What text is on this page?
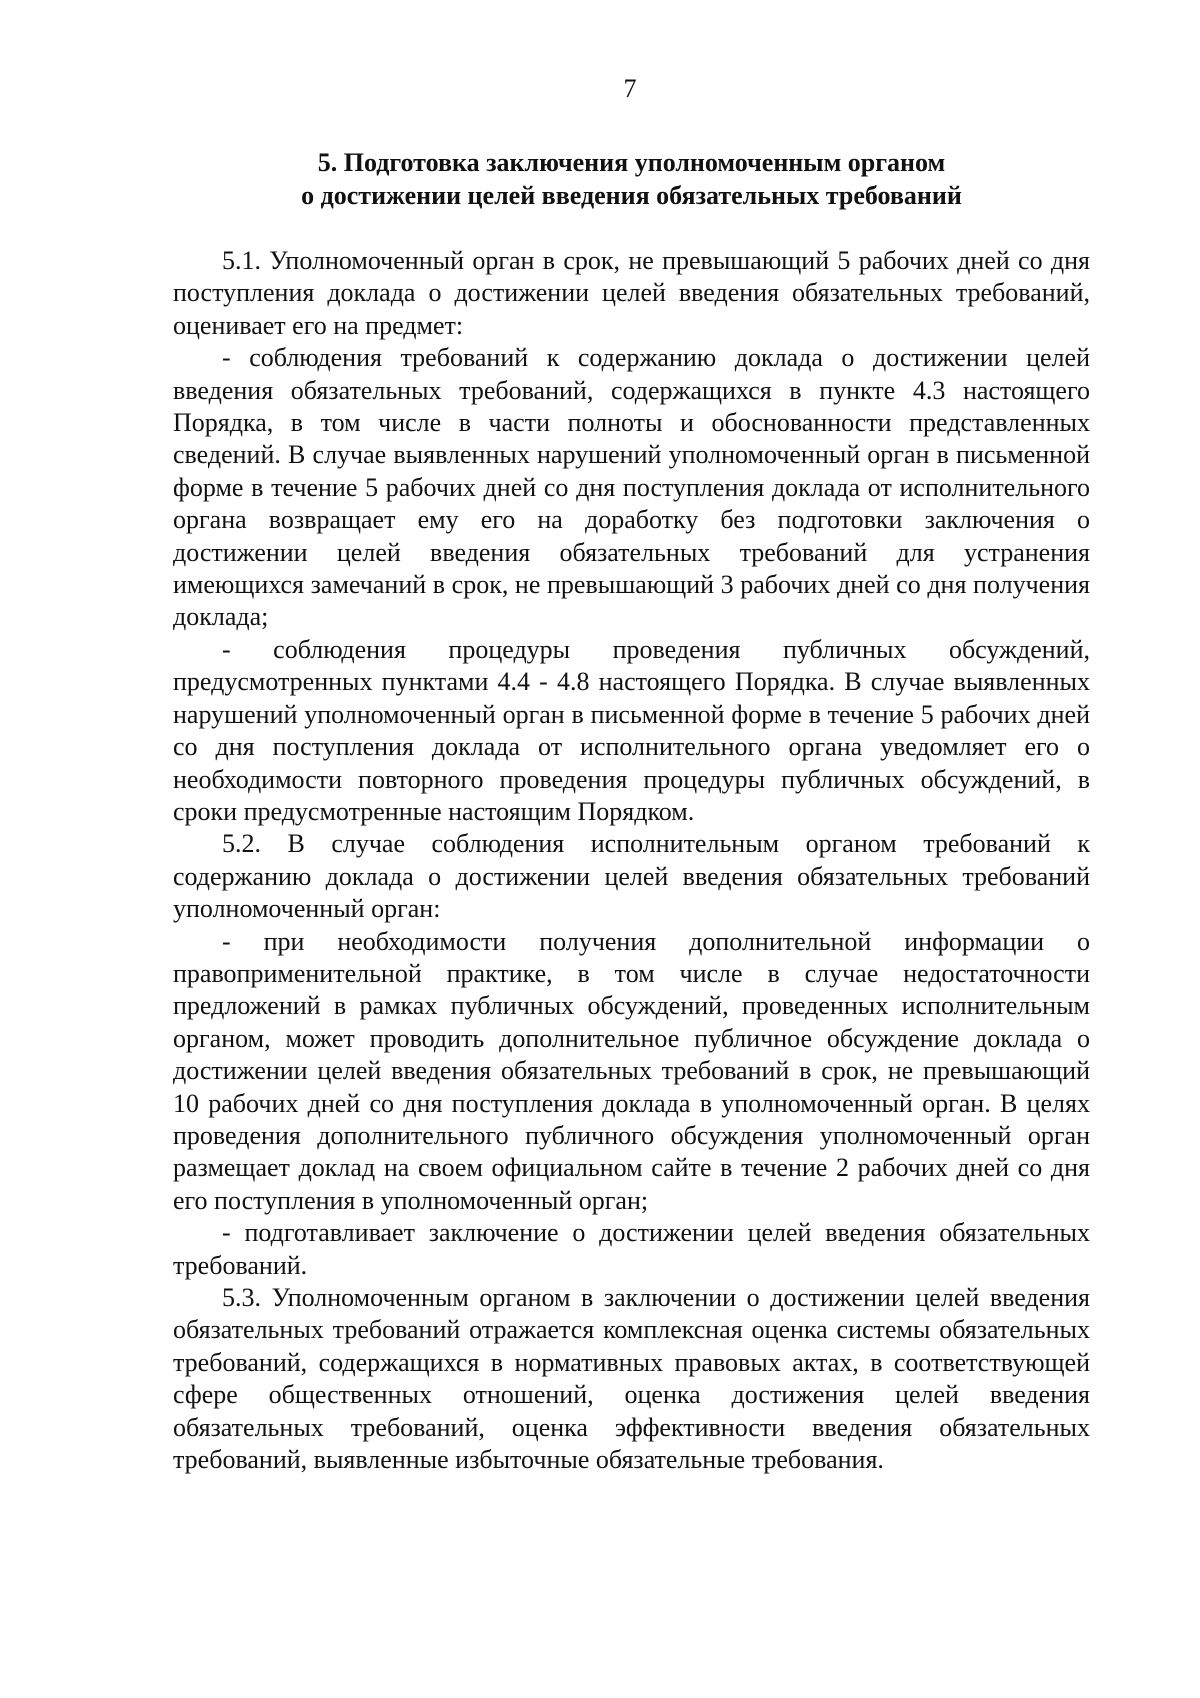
7
5. Подготовка заключения уполномоченным органом
о достижении целей введения обязательных требований

5.1. Уполномоченный орган в срок, не превышающий 5 рабочих дней со дня поступления доклада о достижении целей введения обязательных требований, оценивает его на предмет:

- соблюдения требований к содержанию доклада о достижении целей введения обязательных требований, содержащихся в пункте 4.3 настоящего Порядка, в том числе в части полноты и обоснованности представленных сведений. В случае выявленных нарушений уполномоченный орган в письменной форме в течение 5 рабочих дней со дня поступления доклада от исполнительного органа возвращает ему его на доработку без подготовки заключения о достижении целей введения обязательных требований для устранения имеющихся замечаний в срок, не превышающий 3 рабочих дней со дня получения доклада;

- соблюдения процедуры проведения публичных обсуждений, предусмотренных пунктами 4.4 - 4.8 настоящего Порядка. В случае выявленных нарушений уполномоченный орган в письменной форме в течение 5 рабочих дней со дня поступления доклада от исполнительного органа уведомляет его о необходимости повторного проведения процедуры публичных обсуждений, в сроки предусмотренные настоящим Порядком.

5.2. В случае соблюдения исполнительным органом требований к содержанию доклада о достижении целей введения обязательных требований уполномоченный орган:

- при необходимости получения дополнительной информации о правоприменительной практике, в том числе в случае недостаточности предложений в рамках публичных обсуждений, проведенных исполнительным органом, может проводить дополнительное публичное обсуждение доклада о достижении целей введения обязательных требований в срок, не превышающий 10 рабочих дней со дня поступления доклада в уполномоченный орган. В целях проведения дополнительного публичного обсуждения уполномоченный орган размещает доклад на своем официальном сайте в течение 2 рабочих дней со дня его поступления в уполномоченный орган;

- подготавливает заключение о достижении целей введения обязательных требований.

5.3. Уполномоченным органом в заключении о достижении целей введения обязательных требований отражается комплексная оценка системы обязательных требований, содержащихся в нормативных правовых актах, в соответствующей сфере общественных отношений, оценка достижения целей введения обязательных требований, оценка эффективности введения обязательных требований, выявленные избыточные обязательные требования.
